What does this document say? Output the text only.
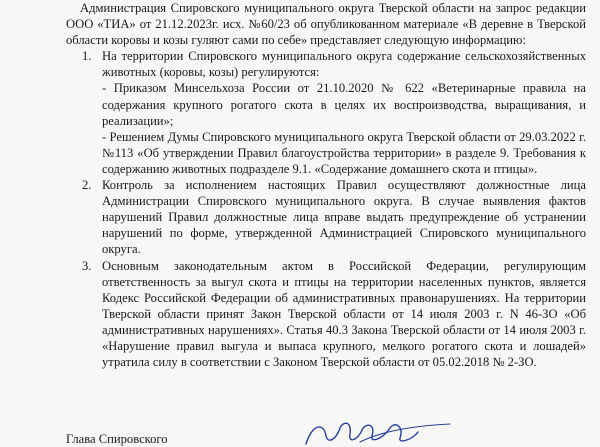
Администрация Спировского муниципального округа Тверской области на запрос редакции ООО «ТИА» от 21.12.2023г. исх. №60/23 об опубликованном материале «В деревне в Тверской области коровы и козы гуляют сами по себе» представляет следующую информацию:

1. На территории Спировского муниципального округа содержание сельскохозяйственных животных (коровы, козы) регулируются:

- Приказом Минсельхоза России от 21.10.2020 № 622 «Ветеринарные правила на содержания крупного рогатого скота в целях их воспроизводства, выращивания, и реализации»;

- Решением Думы Спировского муниципального округа Тверской области от 29.03.2022 г. №113 «Об утверждении Правил благоустройства территории» в разделе 9. Требования к содержанию животных подразделе 9.1. «Содержание домашнего скота и птицы».

2. Контроль за исполнением настоящих Правил осуществляют должностные лица Администрации Спировского муниципального округа. В случае выявления фактов нарушений Правил должностные лица вправе выдать предупреждение об устранении нарушений по форме, утвержденной Администрацией Спировского муниципального округа.
3. Основным законодательным актом в Российской Федерации, регулирующим ответственность за выгул скота и птицы на территории населенных пунктов, является Кодекс Российской Федерации об административных правонарушениях. На территории Тверской области принят Закон Тверской области от 14 июля 2003 г. N 46-ЗО «Об административных нарушениях». Статья 40.3 Закона Тверской области от 14 июля 2003 г. «Нарушение правил выгула и выпаса крупного, мелкого рогатого скота и лошадей» утратила силу в соответствии с Законом Тверской области от 05.02.2018 № 2-ЗО.
Глава Спировского
